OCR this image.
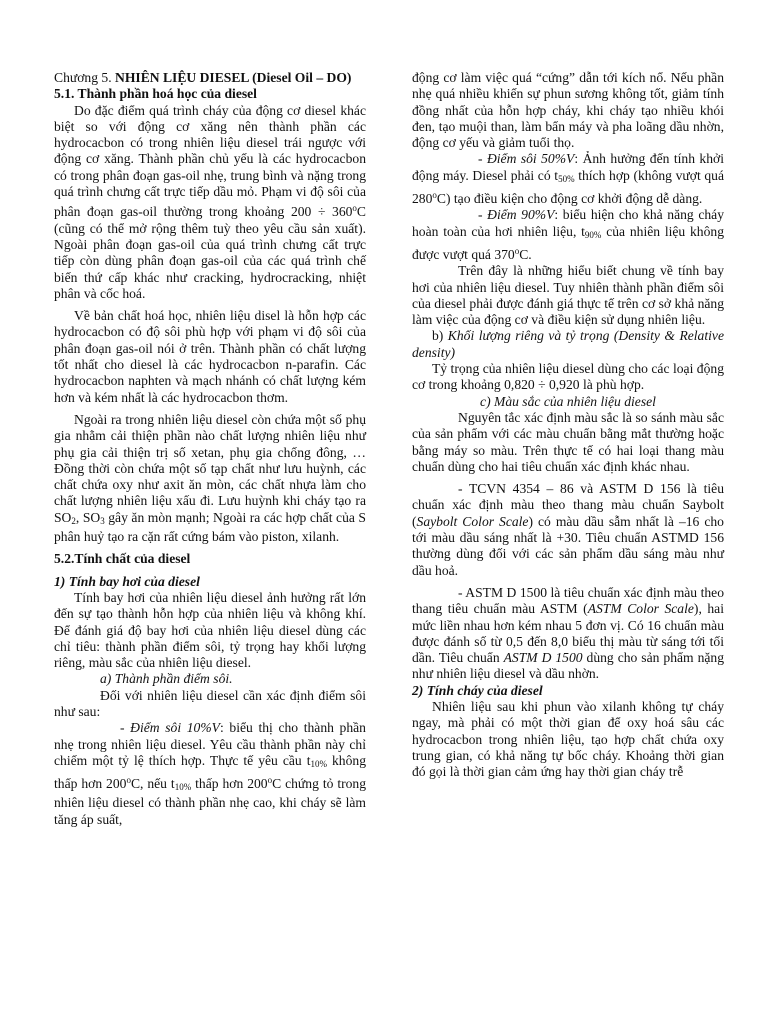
Chương 5. NHIÊN LIỆU DIESEL (Diesel Oil – DO)

5.1. Thành phần hoá học của diesel

Do đặc điểm quá trình cháy của động cơ diesel khác biệt so với động cơ xăng nên thành phần các hydrocacbon có trong nhiên liệu diesel trái ngược với động cơ xăng. Thành phần chủ yếu là các hydrocacbon có trong phân đoạn gas-oil nhẹ, trung bình và nặng trong quá trình chưng cất trực tiếp dầu mỏ. Phạm vi độ sôi của phân đoạn gas-oil thường trong khoảng $200 \div 360^oC$ (cũng có thể mở rộng thêm tuỳ theo yêu cầu sản xuất). Ngoài phân đoạn gas-oil của quá trình chưng cất trực tiếp còn dùng phân đoạn gas-oil của các quá trình chế biến thứ cấp khác như cracking, hydrocracking, nhiệt phân và cốc hoá.

Về bản chất hoá học, nhiên liệu disel là hỗn hợp các hydrocacbon có độ sôi phù hợp với phạm vi độ sôi của phân đoạn gas-oil nói ở trên. Thành phần có chất lượng tốt nhất cho diesel là các hydrocacbon n-parafin. Các hydrocacbon naphten và mạch nhánh có chất lượng kém hơn và kém nhất là các hydrocacbon thơm.

Ngoài ra trong nhiên liệu diesel còn chứa một số phụ gia nhằm cải thiện phần nào chất lượng nhiên liệu như phụ gia cải thiện trị số xetan, phụ gia chống đông, … Đồng thời còn chứa một số tạp chất như lưu huỳnh, các chất chứa oxy như axit ăn mòn, các chất nhựa làm cho chất lượng nhiên liệu xấu đi. Lưu huỳnh khi cháy tạo ra $SO_2$, $SO_3$ gây ăn mòn mạnh; Ngoài ra các hợp chất của S phân huỷ tạo ra cặn rất cứng bám vào piston, xilanh.

5.2.Tính chất của diesel

1) Tính bay hơi của diesel

Tính bay hơi của nhiên liệu diesel ảnh hưởng rất lớn đến sự tạo thành hỗn hợp của nhiên liệu và không khí. Để đánh giá độ bay hơi của nhiên liệu diesel dùng các chỉ tiêu: thành phần điểm sôi, tỷ trọng hay khối lượng riêng, màu sắc của nhiên liệu diesel.

a) Thành phần điểm sôi.

Đối với nhiên liệu diesel cần xác định điểm sôi như sau:

- Điểm sôi 10%V: biểu thị cho thành phần nhẹ trong nhiên liệu diesel. Yêu cầu thành phần này chỉ chiếm một tỷ lệ thích hợp. Thực tế yêu cầu $t_{10\%}$ không thấp hơn 200$^o$C, nếu $t_{10\%}$ thấp hơn 200$^o$C chứng tỏ trong nhiên liệu diesel có thành phần nhẹ cao, khi cháy sẽ làm tăng áp suất,

động cơ làm việc quá “cứng” dẫn tới kích nổ. Nếu phần nhẹ quá nhiều khiến sự phun sương không tốt, giảm tính đồng nhất của hỗn hợp cháy, khi cháy tạo nhiều khói đen, tạo muội than, làm bẩn máy và pha loãng dầu nhờn, động cơ yếu và giảm tuổi thọ.

- Điểm sôi 50%V: Ảnh hưởng đến tính khởi động máy. Diesel phải có $t_{50\%}$ thích hợp (không vượt quá 280$^o$C) tạo điều kiện cho động cơ khởi động dễ dàng.

- Điểm 90%V: biểu hiện cho khả năng cháy hoàn toàn của hơi nhiên liệu, $t_{90\%}$ của nhiên liệu không được vượt quá 370$^o$C.

Trên đây là những hiểu biết chung về tính bay hơi của nhiên liệu diesel. Tuy nhiên thành phần điểm sôi của diesel phải được đánh giá thực tế trên cơ sở khả năng làm việc của động cơ và điều kiện sử dụng nhiên liệu.

b) Khối lượng riêng và tỷ trọng (Density & Relative density)

Tỷ trọng của nhiên liệu diesel dùng cho các loại động cơ trong khoảng 0,820 ÷ 0,920 là phù hợp.

c) Màu sắc của nhiên liệu diesel

Nguyên tắc xác định màu sắc là so sánh màu sắc của sản phẩm với các màu chuẩn bằng mắt thường hoặc bằng máy so màu. Trên thực tế có hai loại thang màu chuẩn dùng cho hai tiêu chuẩn xác định khác nhau.

- TCVN 4354 – 86 và ASTM D 156 là tiêu chuẩn xác định màu theo thang màu chuẩn Saybolt (Saybolt Color Scale) có màu dầu sẫm nhất là –16 cho tới màu dầu sáng nhất là +30. Tiêu chuẩn ASTMD 156 thường dùng đối với các sản phẩm dầu sáng màu như dầu hoả.

- ASTM D 1500 là tiêu chuẩn xác định màu theo thang tiêu chuẩn màu ASTM (ASTM Color Scale), hai mức liền nhau hơn kém nhau 5 đơn vị. Có 16 chuẩn màu được đánh số từ 0,5 đến 8,0 biểu thị màu từ sáng tới tối dần. Tiêu chuẩn ASTM D 1500 dùng cho sản phẩm nặng như nhiên liệu diesel và dầu nhờn.

2) Tính cháy của diesel

Nhiên liệu sau khi phun vào xilanh không tự cháy ngay, mà phải có một thời gian để oxy hoá sâu các hydrocacbon trong nhiên liệu, tạo hợp chất chứa oxy trung gian, có khả năng tự bốc cháy. Khoảng thời gian đó gọi là thời gian cảm ứng hay thời gian cháy trễ
